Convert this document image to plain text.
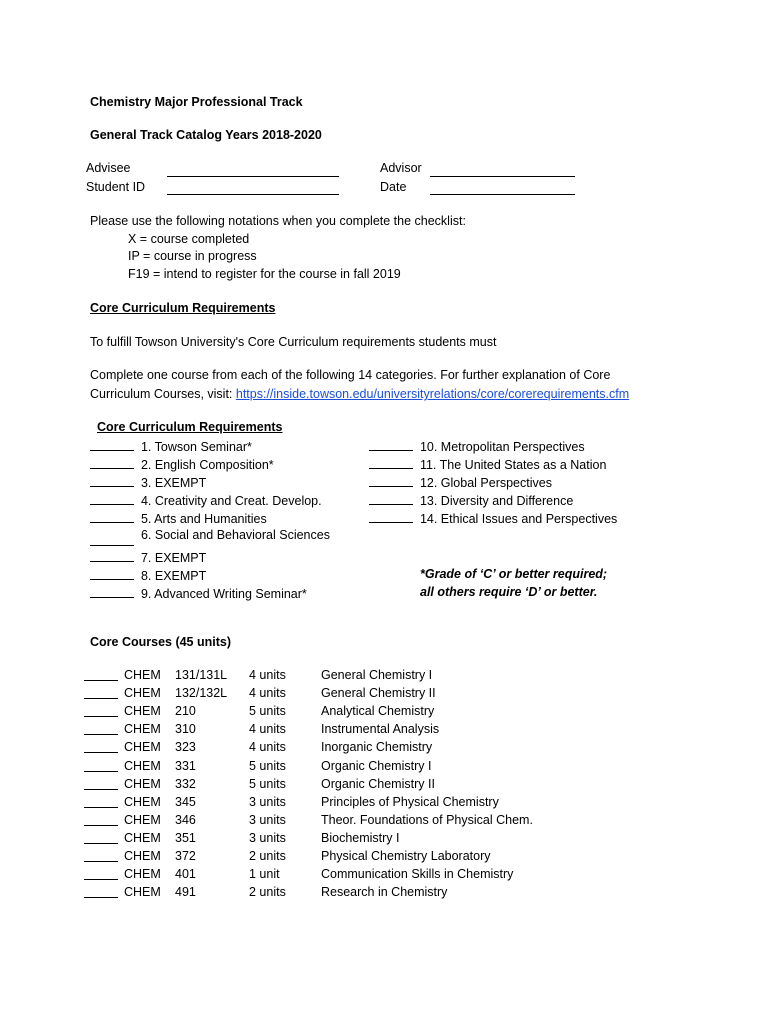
Chemistry Major Professional Track
General Track Catalog Years 2018-2020
Advisee
Student ID
Advisor
Date
Please use the following notations when you complete the checklist:
X = course completed
IP = course in progress
F19 = intend to register for the course in fall 2019
Core Curriculum Requirements
To fulfill Towson University's Core Curriculum requirements students must
Complete one course from each of the following 14 categories. For further explanation of Core
Curriculum Courses, visit: https://inside.towson.edu/universityrelations/core/corerequirements.cfm
Core Curriculum Requirements
1. Towson Seminar*
2. English Composition*
3. EXEMPT
4. Creativity and Creat. Develop.
5. Arts and Humanities
6. Social and Behavioral Sciences
7. EXEMPT
8. EXEMPT
9. Advanced Writing Seminar*
10. Metropolitan Perspectives
11. The United States as a Nation
12. Global Perspectives
13. Diversity and Difference
14. Ethical Issues and Perspectives
*Grade of ‘C’ or better required;
all others require ‘D’ or better.
Core Courses (45 units)
CHEM 131/131L 4 units	General Chemistry I
CHEM 132/132L 4 units	General Chemistry II
CHEM 210	5 units	Analytical Chemistry
CHEM 310	4 units	Instrumental Analysis
CHEM 323	4 units	Inorganic Chemistry
CHEM 331	5 units	Organic Chemistry I
CHEM 332	5 units	Organic Chemistry II
CHEM 345	3 units	Principles of Physical Chemistry
CHEM 346	3 units	Theor. Foundations of Physical Chem.
CHEM 351	3 units	Biochemistry I
CHEM 372	2 units	Physical Chemistry Laboratory
CHEM 401	1 unit	Communication Skills in Chemistry
CHEM 491	2 units	Research in Chemistry
